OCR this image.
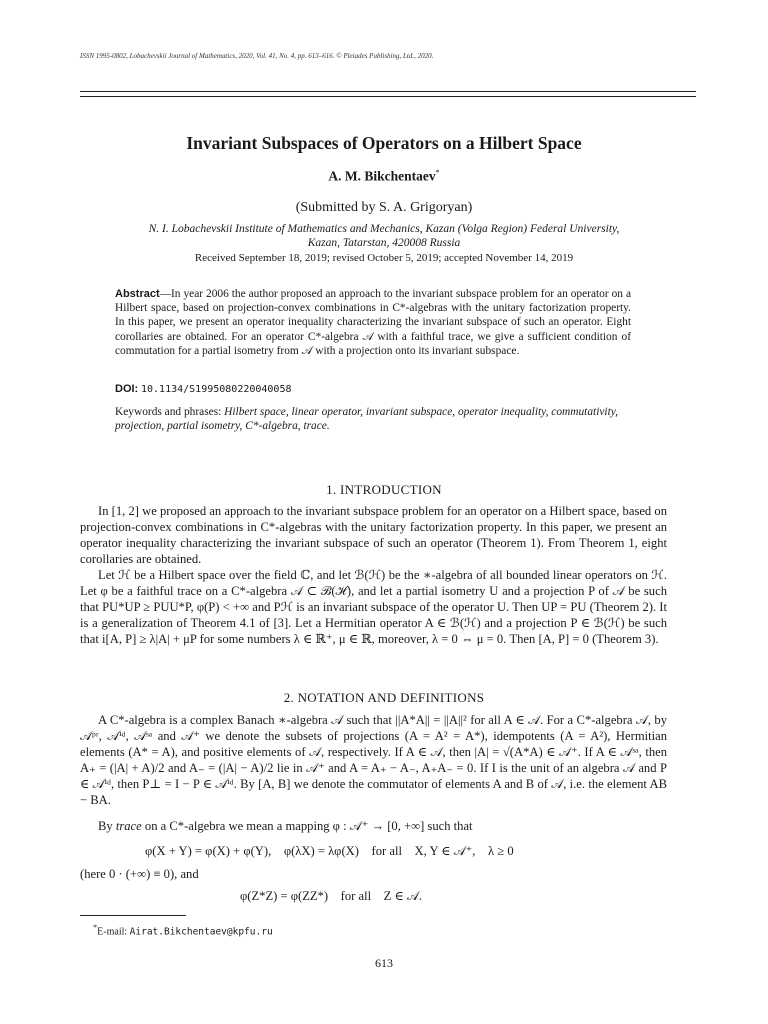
ISSN 1995-0802, Lobachevskii Journal of Mathematics, 2020, Vol. 41, No. 4, pp. 613–616. © Pleiades Publishing, Ltd., 2020.
Invariant Subspaces of Operators on a Hilbert Space
A. M. Bikchentaev*
(Submitted by S. A. Grigoryan)
N. I. Lobachevskii Institute of Mathematics and Mechanics, Kazan (Volga Region) Federal University,
Kazan, Tatarstan, 420008 Russia
Received September 18, 2019; revised October 5, 2019; accepted November 14, 2019
Abstract—In year 2006 the author proposed an approach to the invariant subspace problem for an operator on a Hilbert space, based on projection-convex combinations in C*-algebras with the unitary factorization property. In this paper, we present an operator inequality characterizing the invariant subspace of such an operator. Eight corollaries are obtained. For an operator C*-algebra 𝒜 with a faithful trace, we give a sufficient condition of commutation for a partial isometry from 𝒜 with a projection onto its invariant subspace.
DOI: 10.1134/S1995080220040058
Keywords and phrases: Hilbert space, linear operator, invariant subspace, operator inequality, commutativity, projection, partial isometry, C*-algebra, trace.
1. INTRODUCTION
In [1, 2] we proposed an approach to the invariant subspace problem for an operator on a Hilbert space, based on projection-convex combinations in C*-algebras with the unitary factorization property. In this paper, we present an operator inequality characterizing the invariant subspace of such an operator (Theorem 1). From Theorem 1, eight corollaries are obtained.
Let ℋ be a Hilbert space over the field ℂ, and let ℬ(ℋ) be the ∗-algebra of all bounded linear operators on ℋ. Let φ be a faithful trace on a C*-algebra 𝒜 ⊂ ℬ(ℋ), and let a partial isometry U and a projection P of 𝒜 be such that PU*UP ≥ PUU*P, φ(P) < +∞ and Pℋ is an invariant subspace of the operator U. Then UP = PU (Theorem 2). It is a generalization of Theorem 4.1 of [3]. Let a Hermitian operator A ∈ ℬ(ℋ) and a projection P ∈ ℬ(ℋ) be such that i[A, P] ≥ λ|A| + μP for some numbers λ ∈ ℝ⁺, μ ∈ ℝ, moreover, λ = 0 ⇔ μ = 0. Then [A, P] = 0 (Theorem 3).
2. NOTATION AND DEFINITIONS
A C*-algebra is a complex Banach ∗-algebra 𝒜 such that ||A*A|| = ||A||² for all A ∈ 𝒜. For a C*-algebra 𝒜, by 𝒜ᵖʳ, 𝒜ⁱᵈ, 𝒜ˢᵃ and 𝒜⁺ we denote the subsets of projections (A = A² = A*), idempotents (A = A²), Hermitian elements (A* = A), and positive elements of 𝒜, respectively. If A ∈ 𝒜, then |A| = √(A*A) ∈ 𝒜⁺. If A ∈ 𝒜ˢᵃ, then A₊ = (|A| + A)/2 and A₋ = (|A| − A)/2 lie in 𝒜⁺ and A = A₊ − A₋, A₊A₋ = 0. If I is the unit of an algebra 𝒜 and P ∈ 𝒜ⁱᵈ, then P⊥ = I − P ∈ 𝒜ⁱᵈ. By [A, B] we denote the commutator of elements A and B of 𝒜, i.e. the element AB − BA.
By trace on a C*-algebra we mean a mapping φ : 𝒜⁺ → [0, +∞] such that
φ(X + Y) = φ(X) + φ(Y),    φ(λX) = λφ(X)    for all    X, Y ∈ 𝒜⁺,    λ ≥ 0
(here 0 · (+∞) ≡ 0), and
φ(Z*Z) = φ(ZZ*)    for all    Z ∈ 𝒜.
*E-mail: Airat.Bikchentaev@kpfu.ru
613
